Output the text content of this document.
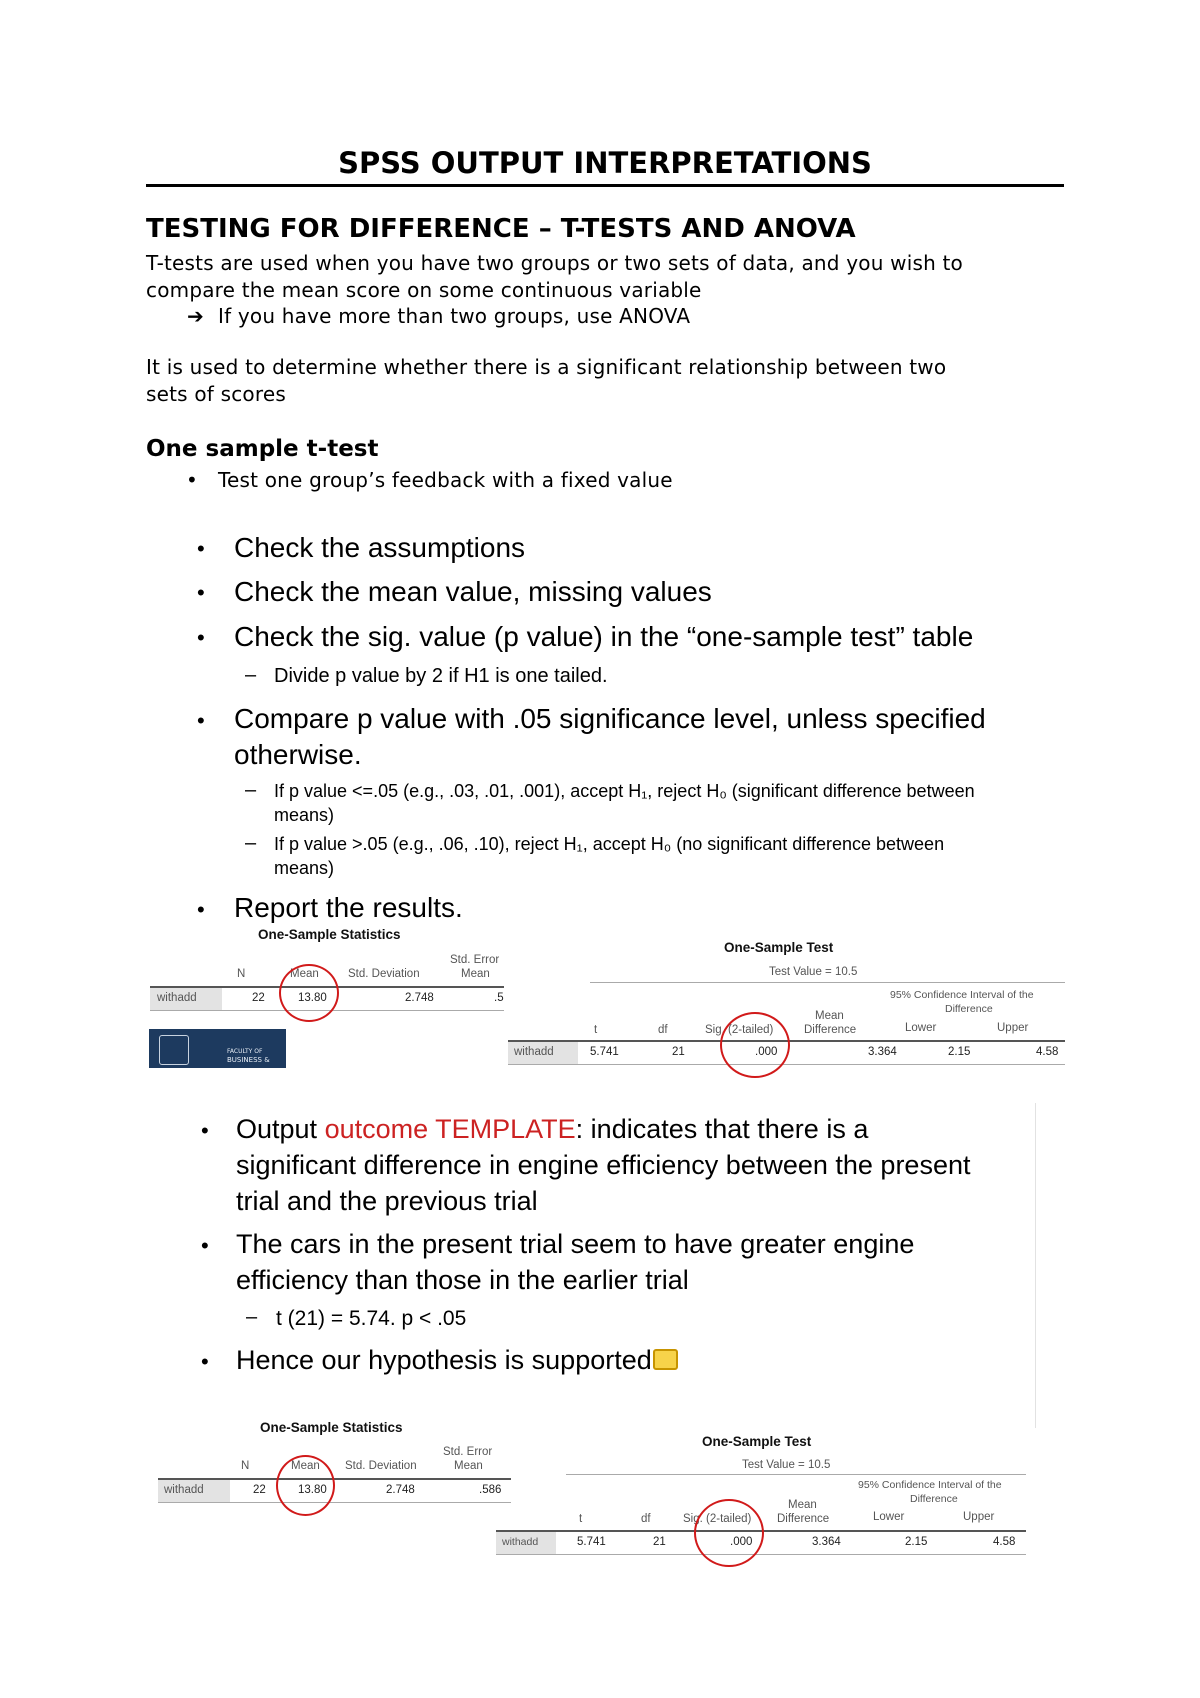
SPSS OUTPUT INTERPRETATIONS
TESTING FOR DIFFERENCE – T-TESTS AND ANOVA
T-tests are used when you have two groups or two sets of data, and you wish to
compare the mean score on some continuous variable
➔ If you have more than two groups, use ANOVA
It is used to determine whether there is a significant relationship between two
sets of scores
One sample t-test
• Test one group’s feedback with a fixed value
• Check the assumptions
• Check the mean value, missing values
• Check the sig. value (p value) in the “one-sample test” table
– Divide p value by 2 if H1 is one tailed.
• Compare p value with .05 significance level, unless specified
otherwise.
– If p value <=.05 (e.g., .03, .01, .001), accept H₁, reject H₀ (significant difference between
means)
– If p value >.05 (e.g., .06, .10), reject H₁, accept H₀ (no significant difference between
means)
• Report the results.
One-Sample Statistics
N	Mean	Std. Deviation
Std. Error
Mean
withadd	22	13.80	2.748	.5
FACULTY OF
BUSINESS &
One-Sample Test
Test Value = 10.5
95% Confidence Interval of the
Difference
t	df	Sig. (2-tailed)
Mean
Difference	Lower	Upper
withadd	5.741	21	.000	3.364	2.15	4.58
• Output outcome TEMPLATE: indicates that there is a
significant difference in engine efficiency between the present
trial and the previous trial
• The cars in the present trial seem to have greater engine
efficiency than those in the earlier trial
– t (21) = 5.74. p < .05
• Hence our hypothesis is supported
One-Sample Statistics
N	Mean Std. Deviation
Std. Error
Mean
withadd	22	13.80	2.748	.586
One-Sample Test
Test Value = 10.5
95% Confidence Interval of the
Difference
t	df	Sig. (2-tailed)
Mean
Difference	Lower	Upper
withadd	5.741	21	.000	3.364	2.15	4.58
